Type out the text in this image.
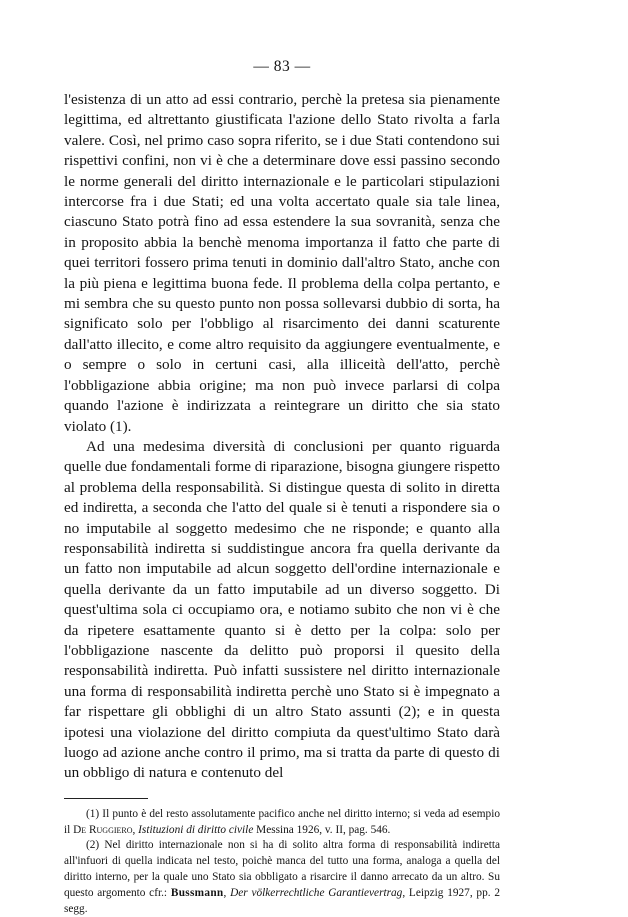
— 83 —

l'esistenza di un atto ad essi contrario, perchè la pretesa sia pienamente legittima, ed altrettanto giustificata l'azione dello Stato rivolta a farla valere. Così, nel primo caso sopra riferito, se i due Stati contendono sui rispettivi confini, non vi è che a determinare dove essi passino secondo le norme generali del diritto internazionale e le particolari stipulazioni intercorse fra i due Stati; ed una volta accertato quale sia tale linea, ciascuno Stato potrà fino ad essa estendere la sua sovranità, senza che in proposito abbia la benchè menoma importanza il fatto che parte di quei territori fossero prima tenuti in dominio dall'altro Stato, anche con la più piena e legittima buona fede. Il problema della colpa pertanto, e mi sembra che su questo punto non possa sollevarsi dubbio di sorta, ha significato solo per l'obbligo al risarcimento dei danni scaturente dall'atto illecito, e come altro requisito da aggiungere eventualmente, e o sempre o solo in certuni casi, alla illiceità dell'atto, perchè l'obbligazione abbia origine; ma non può invece parlarsi di colpa quando l'azione è indirizzata a reintegrare un diritto che sia stato violato (1).

Ad una medesima diversità di conclusioni per quanto riguarda quelle due fondamentali forme di riparazione, bisogna giungere rispetto al problema della responsabilità. Si distingue questa di solito in diretta ed indiretta, a seconda che l'atto del quale si è tenuti a rispondere sia o no imputabile al soggetto medesimo che ne risponde; e quanto alla responsabilità indiretta si suddistingue ancora fra quella derivante da un fatto non imputabile ad alcun soggetto dell'ordine internazionale e quella derivante da un fatto imputabile ad un diverso soggetto. Di quest'ultima sola ci occupiamo ora, e notiamo subito che non vi è che da ripetere esattamente quanto si è detto per la colpa: solo per l'obbligazione nascente da delitto può proporsi il quesito della responsabilità indiretta. Può infatti sussistere nel diritto internazionale una forma di responsabilità indiretta perchè uno Stato si è impegnato a far rispettare gli obblighi di un altro Stato assunti (2); e in questa ipotesi una violazione del diritto compiuta da quest'ultimo Stato darà luogo ad azione anche contro il primo, ma si tratta da parte di questo di un obbligo di natura e contenuto del

(1) Il punto è del resto assolutamente pacifico anche nel diritto interno; si veda ad esempio il De Ruggiero, Istituzioni di diritto civile Messina 1926, v. II, pag. 546.

(2) Nel diritto internazionale non si ha di solito altra forma di responsabilità indiretta all'infuori di quella indicata nel testo, poichè manca del tutto una forma, analoga a quella del diritto interno, per la quale uno Stato sia obbligato a risarcire il danno arrecato da un altro. Su questo argomento cfr.: Bussmann, Der völkerrechtliche Garantievertrag, Leipzig 1927, pp. 2 segg.
